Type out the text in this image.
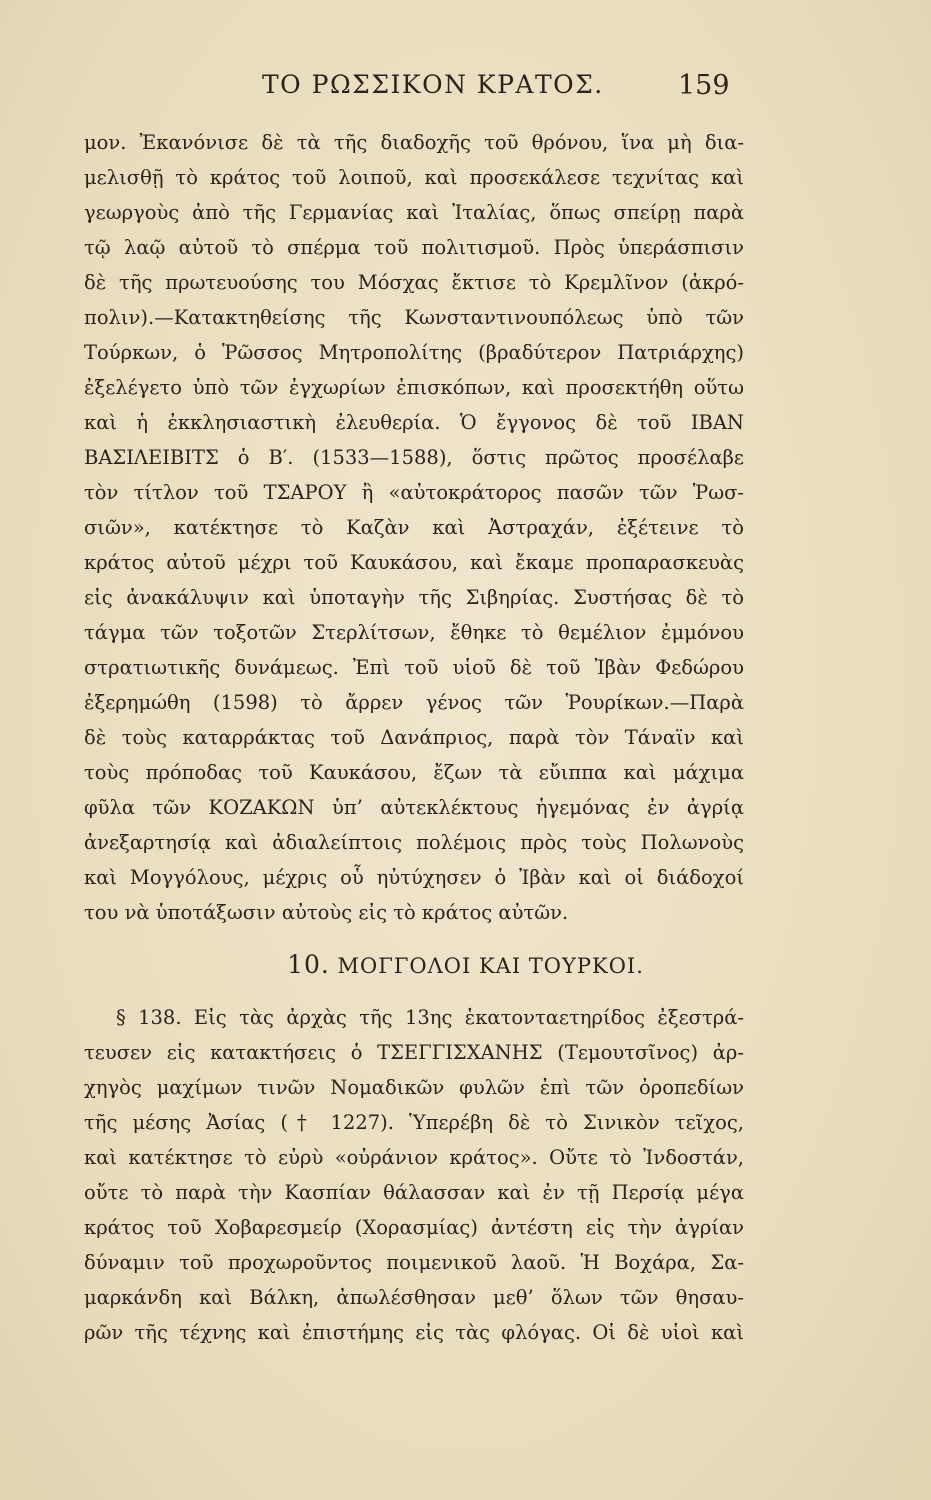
ΤΟ ΡΩΣΣΙΚΟΝ ΚΡΑΤΟΣ.	159
μον. Ἐκανόνισε δὲ τὰ τῆς διαδοχῆς τοῦ θρόνου, ἵνα μὴ δια-
μελισθῇ τὸ κράτος τοῦ λοιποῦ, καὶ προσεκάλεσε τεχνίτας καὶ
γεωργοὺς ἀπὸ τῆς Γερμανίας καὶ Ἰταλίας, ὅπως σπείρῃ παρὰ
τῷ λαῷ αὐτοῦ τὸ σπέρμα τοῦ πολιτισμοῦ. Πρὸς ὑπεράσπισιν
δὲ τῆς πρωτευούσης του Μόσχας ἔκτισε τὸ Κρεμλῖνον (ἀκρό-
πολιν).—Κατακτηθείσης τῆς Κωνσταντινουπόλεως ὑπὸ τῶν
Τούρκων, ὁ Ῥῶσσος Μητροπολίτης (βραδύτερον Πατριάρχης)
ἐξελέγετο ὑπὸ τῶν ἐγχωρίων ἐπισκόπων, καὶ προσεκτήθη οὕτω
καὶ ἡ ἐκκλησιαστικὴ ἐλευθερία. Ὁ ἔγγονος δὲ τοῦ ΙΒΑΝ
ΒΑΣΙΛΕΙΒΙΤΣ ὁ Β′. (1533—1588), ὅστις πρῶτος προσέλαβε
τὸν τίτλον τοῦ ΤΣΑΡΟΥ ἢ «αὐτοκράτορος πασῶν τῶν Ῥωσ-
σιῶν», κατέκτησε τὸ Καζὰν καὶ Ἀστραχάν, ἐξέτεινε τὸ
κράτος αὐτοῦ μέχρι τοῦ Καυκάσου, καὶ ἔκαμε προπαρασκευὰς
εἰς ἀνακάλυψιν καὶ ὑποταγὴν τῆς Σιβηρίας. Συστήσας δὲ τὸ
τάγμα τῶν τοξοτῶν Στερλίτσων, ἔθηκε τὸ θεμέλιον ἐμμόνου
στρατιωτικῆς δυνάμεως. Ἐπὶ τοῦ υἱοῦ δὲ τοῦ Ἰβὰν Φεδώρου
ἐξερημώθη (1598) τὸ ἄρρεν γένος τῶν Ῥουρίκων.—Παρὰ
δὲ τοὺς καταρράκτας τοῦ Δανάπριος, παρὰ τὸν Τάναϊν καὶ
τοὺς πρόποδας τοῦ Καυκάσου, ἔζων τὰ εὔιππα καὶ μάχιμα
φῦλα τῶν ΚΟΖΑΚΩΝ ὑπ’ αὐτεκλέκτους ἡγεμόνας ἐν ἀγρίᾳ
ἀνεξαρτησίᾳ καὶ ἀδιαλείπτοις πολέμοις πρὸς τοὺς Πολωνοὺς
καὶ Μογγόλους, μέχρις οὗ ηὐτύχησεν ὁ Ἰβὰν καὶ οἱ διάδοχοί
του νὰ ὑποτάξωσιν αὐτοὺς εἰς τὸ κράτος αὐτῶν.
10. ΜΟΓΓΟΛΟΙ ΚΑΙ ΤΟΥΡΚΟΙ.
§ 138. Εἰς τὰς ἀρχὰς τῆς 13ης ἑκατονταετηρίδος ἐξεστρά-
τευσεν εἰς κατακτήσεις ὁ ΤΣΕΓΓΙΣΧΑΝΗΣ (Τεμουτσῖνος) ἀρ-
χηγὸς μαχίμων τινῶν Νομαδικῶν φυλῶν ἐπὶ τῶν ὀροπεδίων
τῆς μέσης Ἀσίας († 1227). Ὑπερέβη δὲ τὸ Σινικὸν τεῖχος,
καὶ κατέκτησε τὸ εὐρὺ «οὐράνιον κράτος». Οὔτε τὸ Ἰνδοστάν,
οὔτε τὸ παρὰ τὴν Κασπίαν θάλασσαν καὶ ἐν τῇ Περσίᾳ μέγα
κράτος τοῦ Χοβαρεσμείρ (Χορασμίας) ἀντέστη εἰς τὴν ἀγρίαν
δύναμιν τοῦ προχωροῦντος ποιμενικοῦ λαοῦ. Ἡ Βοχάρα, Σα-
μαρκάνδη καὶ Βάλκη, ἀπωλέσθησαν μεθ’ ὅλων τῶν θησαυ-
ρῶν τῆς τέχνης καὶ ἐπιστήμης εἰς τὰς φλόγας. Οἱ δὲ υἱοὶ καὶ
